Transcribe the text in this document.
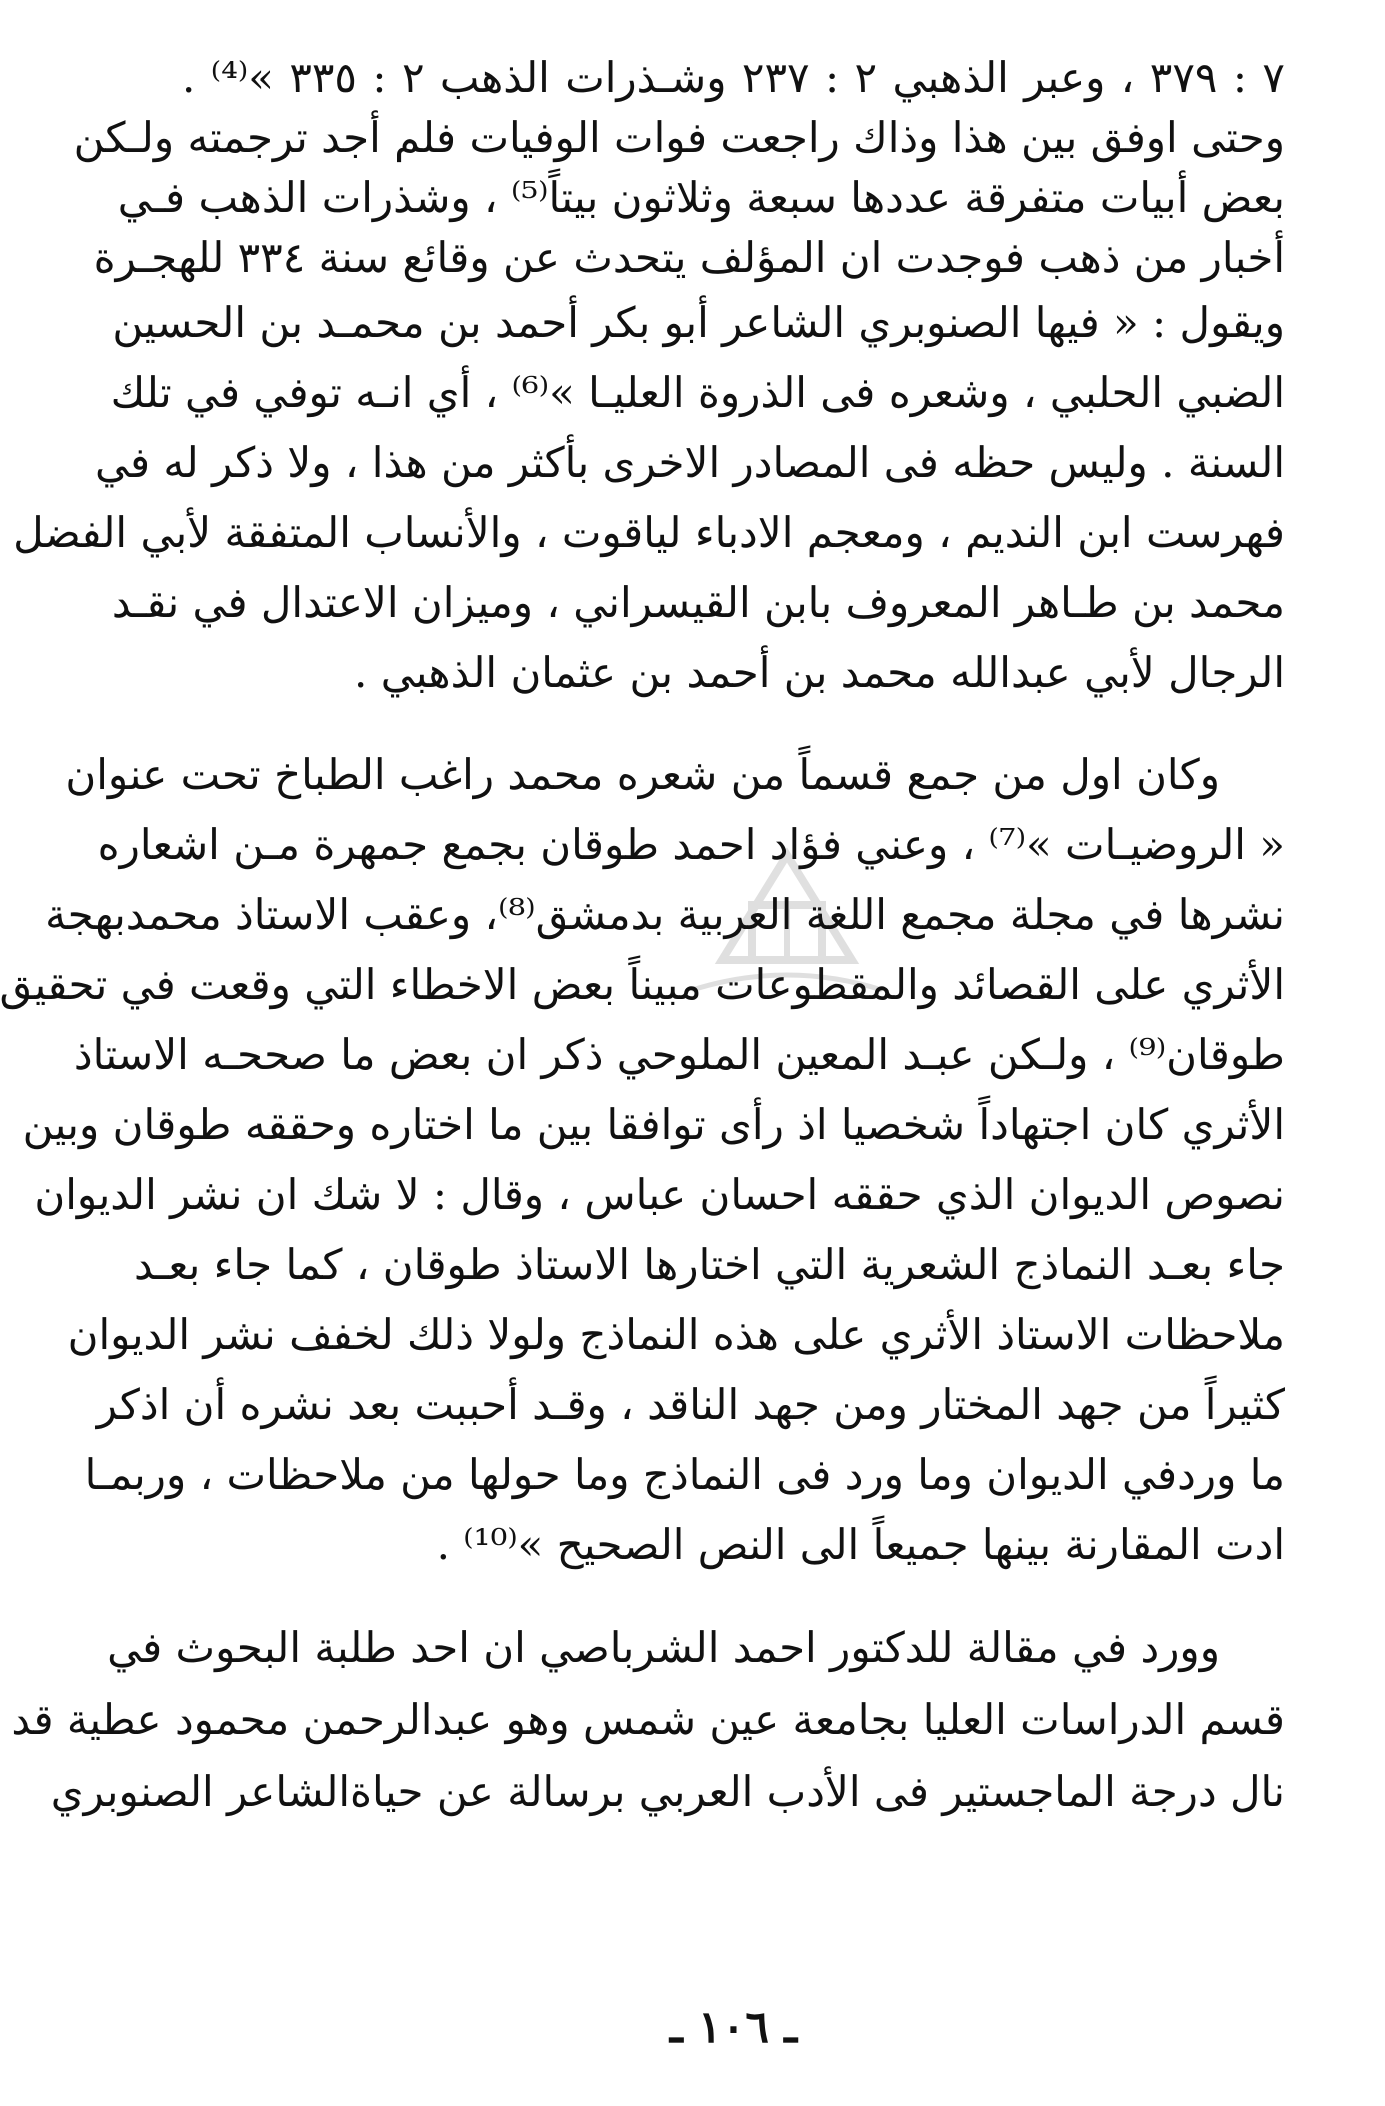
٧ : ٣٧٩ ، وعبر الذهبي ٢ : ٢٣٧ وشـذرات الذهب ٢ : ٣٣٥ »⁽⁴⁾ .
وحتى اوفق بين هذا وذاك راجعت فوات الوفيات فلم أجد ترجمته ولـكن
بعض أبيات متفرقة عددها سبعة وثلاثون بيتاً⁽⁵⁾ ، وشذرات الذهب فـي
أخبار من ذهب فوجدت ان المؤلف يتحدث عن وقائع سنة ٣٣٤ للهجـرة
ويقول : « فيها الصنوبري الشاعر أبو بكر أحمد بن محمـد بن الحسين
الضبي الحلبي ، وشعره فى الذروة العليـا »⁽⁶⁾ ، أي انـه توفي في تلك
السنة . وليس حظه فى المصادر الاخرى بأكثر من هذا ، ولا ذكر له في
فهرست ابن النديم ، ومعجم الادباء لياقوت ، والأنساب المتفقة لأبي الفضل
محمد بن طـاهر المعروف بابن القيسراني ، وميزان الاعتدال في نقـد
الرجال لأبي عبدالله محمد بن أحمد بن عثمان الذهبي .
وكان اول من جمع قسماً من شعره محمد راغب الطباخ تحت عنوان
« الروضيـات »⁽⁷⁾ ، وعني فؤاد احمد طوقان بجمع جمهرة مـن اشعاره
نشرها في مجلة مجمع اللغة العربية بدمشق⁽⁸⁾، وعقب الاستاذ محمدبهجة
الأثري على القصائد والمقطوعات مبيناً بعض الاخطاء التي وقعت في تحقيق
طوقان⁽⁹⁾ ، ولـكن عبـد المعين الملوحي ذكر ان بعض ما صححـه الاستاذ
الأثري كان اجتهاداً شخصيا اذ رأى توافقا بين ما اختاره وحققه طوقان وبين
نصوص الديوان الذي حققه احسان عباس ، وقال : لا شك ان نشر الديوان
جاء بعـد النماذج الشعرية التي اختارها الاستاذ طوقان ، كما جاء بعـد
ملاحظات الاستاذ الأثري على هذه النماذج ولولا ذلك لخفف نشر الديوان
كثيراً من جهد المختار ومن جهد الناقد ، وقـد أحببت بعد نشره أن اذكر
ما وردفي الديوان وما ورد فى النماذج وما حولها من ملاحظات ، وربمـا
ادت المقارنة بينها جميعاً الى النص الصحيح »⁽¹⁰⁾ .
وورد في مقالة للدكتور احمد الشرباصي ان احد طلبة البحوث في
قسم الدراسات العليا بجامعة عين شمس وهو عبدالرحمن محمود عطية قد
نال درجة الماجستير فى الأدب العربي برسالة عن حياةالشاعر الصنوبري
ـ ١٠٦ ـ
